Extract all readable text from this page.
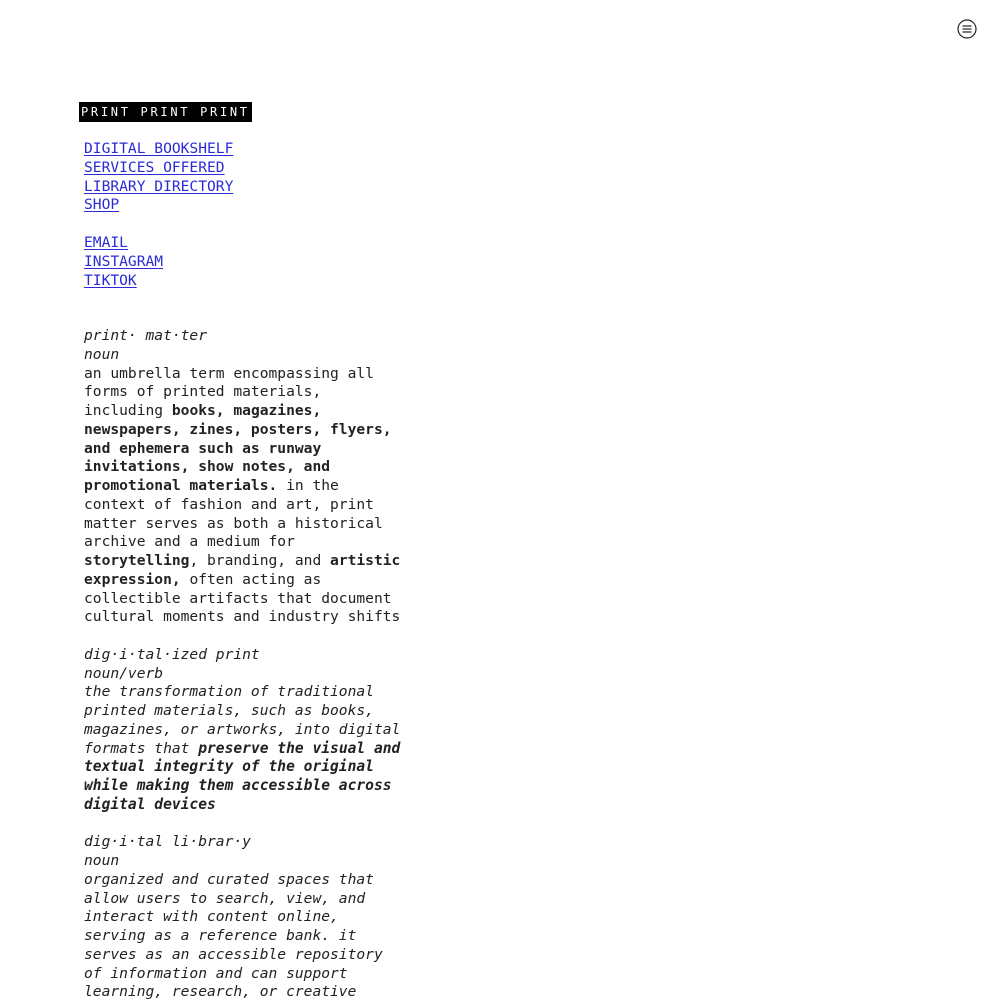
PRINT PRINT PRINT
DIGITAL BOOKSHELF
SERVICES OFFERED
LIBRARY DIRECTORY
SHOP
EMAIL
INSTAGRAM
TIKTOK
print· mat·ter
noun
an umbrella term encompassing all
forms of printed materials,
including books, magazines,
newspapers, zines, posters, flyers,
and ephemera such as runway
invitations, show notes, and
promotional materials. in the
context of fashion and art, print
matter serves as both a historical
archive and a medium for
storytelling, branding, and artistic
expression, often acting as
collectible artifacts that document
cultural moments and industry shifts
dig·i·tal·ized print
noun/verb
the transformation of traditional
printed materials, such as books,
magazines, or artworks, into digital
formats that preserve the visual and
textual integrity of the original
while making them accessible across
digital devices
dig·i·tal li·brar·y
noun
organized and curated spaces that
allow users to search, view, and
interact with content online,
serving as a reference bank. it
serves as an accessible repository
of information and can support
learning, research, or creative
